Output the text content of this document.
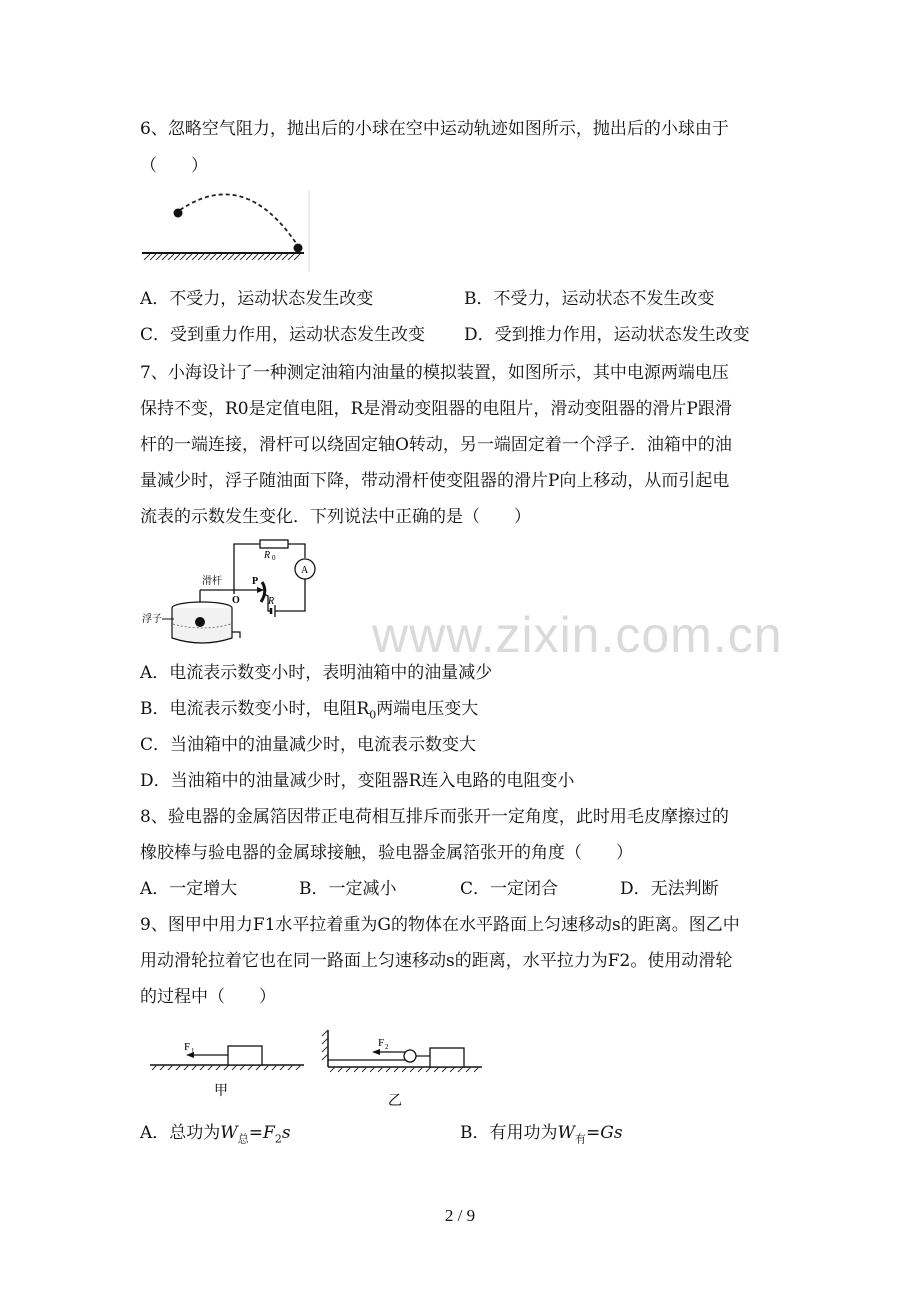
6、忽略空气阻力，抛出后的小球在空中运动轨迹如图所示，抛出后的小球由于
（　　）
A．不受力，运动状态发生改变	B．不受力，运动状态不发生改变
C．受到重力作用，运动状态发生改变 D．受到推力作用，运动状态发生改变
7、小海设计了一种测定油箱内油量的模拟装置，如图所示，其中电源两端电压
保持不变，R0是定值电阻，R是滑动变阻器的电阻片，滑动变阻器的滑片P跟滑
杆的一端连接，滑杆可以绕固定轴O转动，另一端固定着一个浮子．油箱中的油
量减少时，浮子随油面下降，带动滑杆使变阻器的滑片P向上移动，从而引起电
流表的示数发生变化．下列说法中正确的是（　　）
R 0
A
R
滑杆	P
O
浮子	www.zixin.com.cn
A．电流表示数变小时，表明油箱中的油量减少
B．电流表示数变小时，电阻$R_0$两端电压变大
C．当油箱中的油量减少时，电流表示数变大
D．当油箱中的油量减少时，变阻器R连入电路的电阻变小
8、验电器的金属箔因带正电荷相互排斥而张开一定角度，此时用毛皮摩擦过的
橡胶棒与验电器的金属球接触，验电器金属箔张开的角度（　　）
A．一定增大	B．一定减小	C．一定闭合	D．无法判断
9、图甲中用力F1水平拉着重为G的物体在水平路面上匀速移动s的距离。图乙中
用动滑轮拉着它也在同一路面上匀速移动s的距离，水平拉力为F2。使用动滑轮
的过程中（　　）
F 1
甲
F 2
乙
A．总功为$W_总=F_2s$	B．有用功为$W_有=Gs$
2 / 9
